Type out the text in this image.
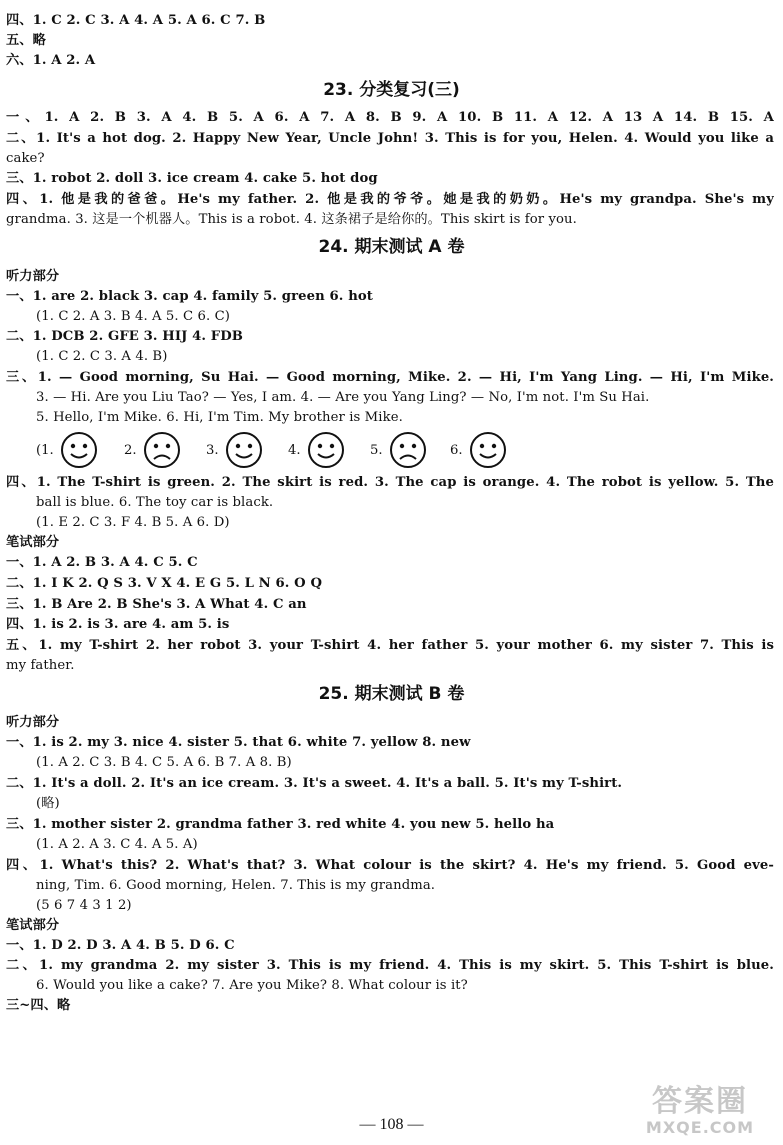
四、1. C 2. C 3. A 4. A 5. A 6. C 7. B
五、略
六、1. A 2. A
23. 分类复习(三)
一、1. A 2. B 3. A 4. B 5. A 6. A 7. A 8. B 9. A 10. B 11. A 12. A 13 A 14. B 15. A
二、1. It's a hot dog. 2. Happy New Year, Uncle John! 3. This is for you, Helen. 4. Would you like a
cake?
三、1. robot 2. doll 3. ice cream 4. cake 5. hot dog
四、1. 他是我的爸爸。He's my father. 2. 他是我的爷爷。她是我的奶奶。He's my grandpa. She's my
grandma. 3. 这是一个机器人。This is a robot. 4. 这条裙子是给你的。This skirt is for you.
24. 期末测试 A 卷
听力部分
一、1. are 2. black 3. cap 4. family 5. green 6. hot
(1. C 2. A 3. B 4. A 5. C 6. C)
二、1. DCB 2. GFE 3. HIJ 4. FDB
(1. C 2. C 3. A 4. B)
三、1. — Good morning, Su Hai. — Good morning, Mike. 2. — Hi, I'm Yang Ling. — Hi, I'm Mike.
3. — Hi. Are you Liu Tao? — Yes, I am. 4. — Are you Yang Ling? — No, I'm not. I'm Su Hai.
5. Hello, I'm Mike. 6. Hi, I'm Tim. My brother is Mike.
(1.	2.	3.	4.	5.	6.
四、1. The T-shirt is green. 2. The skirt is red. 3. The cap is orange. 4. The robot is yellow. 5. The
ball is blue. 6. The toy car is black.
(1. E 2. C 3. F 4. B 5. A 6. D)
笔试部分
一、1. A 2. B 3. A 4. C 5. C
二、1. I K 2. Q S 3. V X 4. E G 5. L N 6. O Q
三、1. B Are 2. B She's 3. A What 4. C an
四、1. is 2. is 3. are 4. am 5. is
五、1. my T-shirt 2. her robot 3. your T-shirt 4. her father 5. your mother 6. my sister 7. This is
my father.
25. 期末测试 B 卷
听力部分
一、1. is 2. my 3. nice 4. sister 5. that 6. white 7. yellow 8. new
(1. A 2. C 3. B 4. C 5. A 6. B 7. A 8. B)
二、1. It's a doll. 2. It's an ice cream. 3. It's a sweet. 4. It's a ball. 5. It's my T-shirt.
(略)
三、1. mother sister 2. grandma father 3. red white 4. you new 5. hello ha
(1. A 2. A 3. C 4. A 5. A)
四、1. What's this? 2. What's that? 3. What colour is the skirt? 4. He's my friend. 5. Good eve-
ning, Tim. 6. Good morning, Helen. 7. This is my grandma.
(5 6 7 4 3 1 2)
笔试部分
一、1. D 2. D 3. A 4. B 5. D 6. C
二、1. my grandma 2. my sister 3. This is my friend. 4. This is my skirt. 5. This T-shirt is blue.
6. Would you like a cake? 7. Are you Mike? 8. What colour is it?
三~四、略
— 108 —
答案圈
MXQE.COM
